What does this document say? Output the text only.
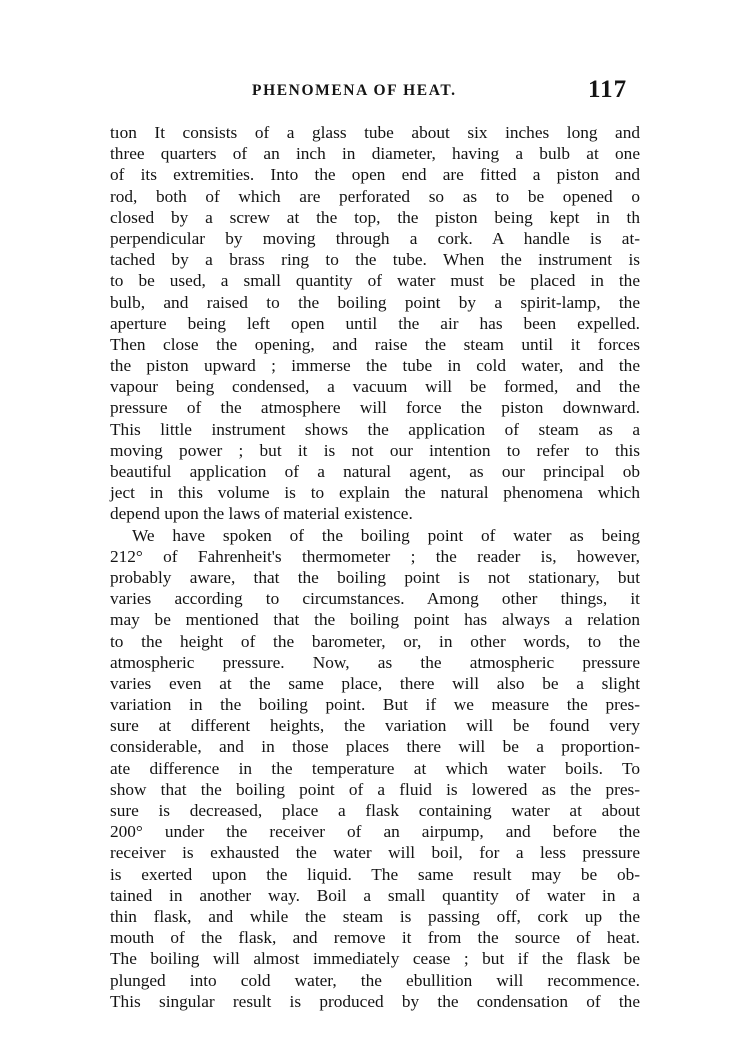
PHENOMENA OF HEAT.	117
tıon It consists of a glass tube about six inches long and
three quarters of an inch in diameter, having a bulb at one
of its extremities. Into the open end are fitted a piston and
rod, both of which are perforated so as to be opened o
closed by a screw at the top, the piston being kept in th
perpendicular by moving through a cork. A handle is at-
tached by a brass ring to the tube. When the instrument is
to be used, a small quantity of water must be placed in the
bulb, and raised to the boiling point by a spirit-lamp, the
aperture being left open until the air has been expelled.
Then close the opening, and raise the steam until it forces
the piston upward ; immerse the tube in cold water, and the
vapour being condensed, a vacuum will be formed, and the
pressure of the atmosphere will force the piston downward.
This little instrument shows the application of steam as a
moving power ; but it is not our intention to refer to this
beautiful application of a natural agent, as our principal ob
ject in this volume is to explain the natural phenomena which
depend upon the laws of material existence.
We have spoken of the boiling point of water as being
212° of Fahrenheit's thermometer ; the reader is, however,
probably aware, that the boiling point is not stationary, but
varies according to circumstances. Among other things, it
may be mentioned that the boiling point has always a relation
to the height of the barometer, or, in other words, to the
atmospheric pressure. Now, as the atmospheric pressure
varies even at the same place, there will also be a slight
variation in the boiling point. But if we measure the pres-
sure at different heights, the variation will be found very
considerable, and in those places there will be a proportion-
ate difference in the temperature at which water boils. To
show that the boiling point of a fluid is lowered as the pres-
sure is decreased, place a flask containing water at about
200° under the receiver of an airpump, and before the
receiver is exhausted the water will boil, for a less pressure
is exerted upon the liquid. The same result may be ob-
tained in another way. Boil a small quantity of water in a
thin flask, and while the steam is passing off, cork up the
mouth of the flask, and remove it from the source of heat.
The boiling will almost immediately cease ; but if the flask be
plunged into cold water, the ebullition will recommence.
This singular result is produced by the condensation of the
